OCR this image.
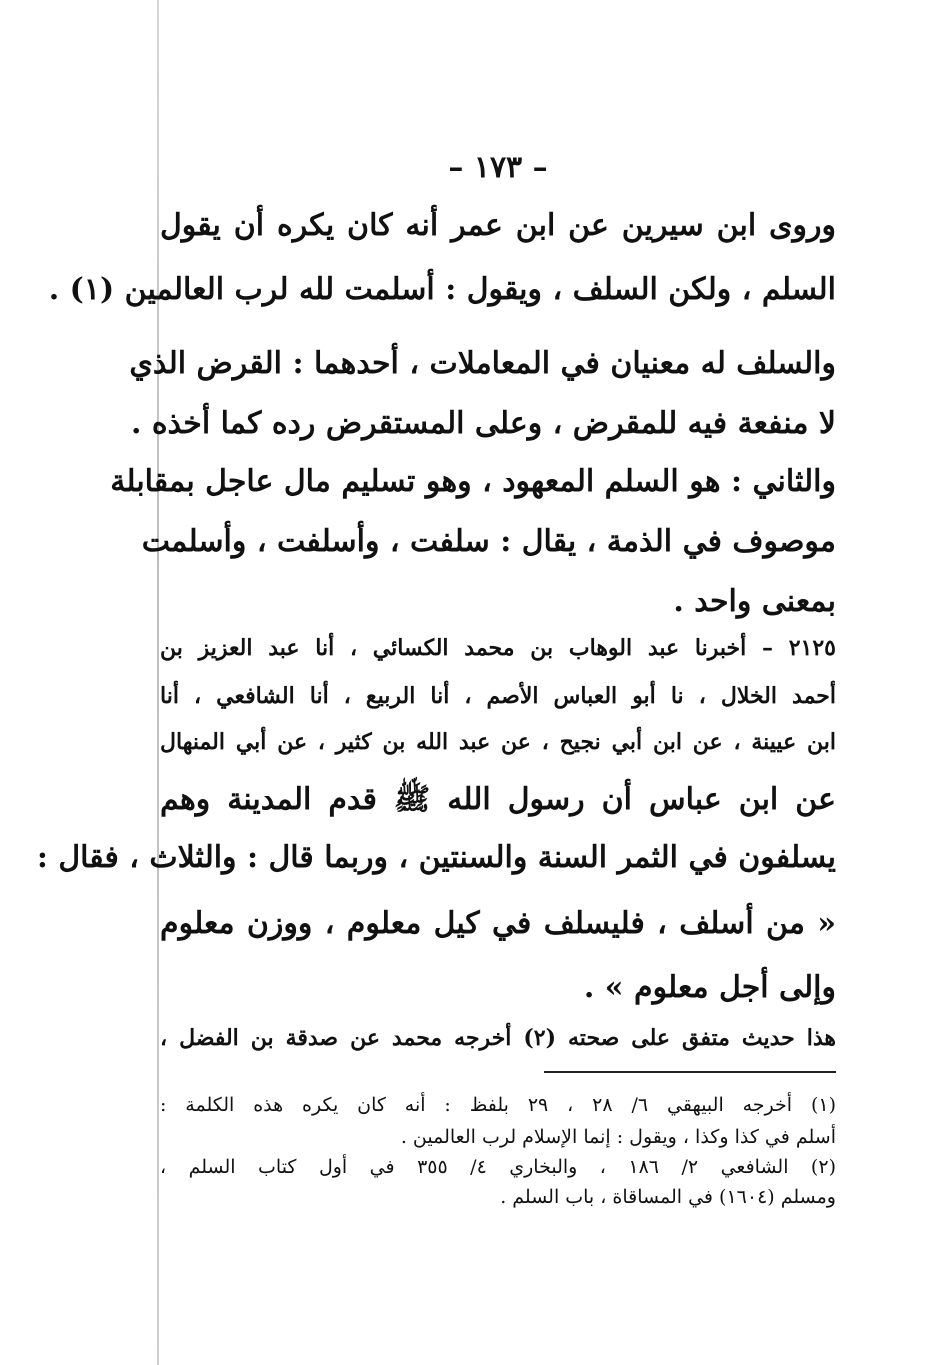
– ١٧٣ –
وروى ابن سيرين عن ابن عمر أنه كان يكره أن يقول
السلم ، ولكن السلف ، ويقول : أسلمت لله لرب العالمين (١) .
والسلف له معنيان في المعاملات ، أحدهما : القرض الذي
لا منفعة فيه للمقرض ، وعلى المستقرض رده كما أخذه .
والثاني : هو السلم المعهود ، وهو تسليم مال عاجل بمقابلة
موصوف في الذمة ، يقال : سلفت ، وأسلفت ، وأسلمت
بمعنى واحد .
٢١٢٥ – أخبرنا عبد الوهاب بن محمد الكسائي ، أنا عبد العزيز بن
أحمد الخلال ، نا أبو العباس الأصم ، أنا الربيع ، أنا الشافعي ، أنا
ابن عيينة ، عن ابن أبي نجيح ، عن عبد الله بن كثير ، عن أبي المنهال
عن ابن عباس أن رسول الله ﷺ قدم المدينة وهم
يسلفون في الثمر السنة والسنتين ، وربما قال : والثلاث ، فقال :
« من أسلف ، فليسلف في كيل معلوم ، ووزن معلوم
وإلى أجل معلوم » .
هذا حديث متفق على صحته (٢) أخرجه محمد عن صدقة بن الفضل ،
(١) أخرجه البيهقي ٦/ ٢٨ ، ٢٩ بلفظ : أنه كان يكره هذه الكلمة :
أسلم في كذا وكذا ، ويقول : إنما الإسلام لرب العالمين .
(٢) الشافعي ٢/ ١٨٦ ، والبخاري ٤/ ٣٥٥ في أول كتاب السلم ،
ومسلم (١٦٠٤) في المساقاة ، باب السلم .
